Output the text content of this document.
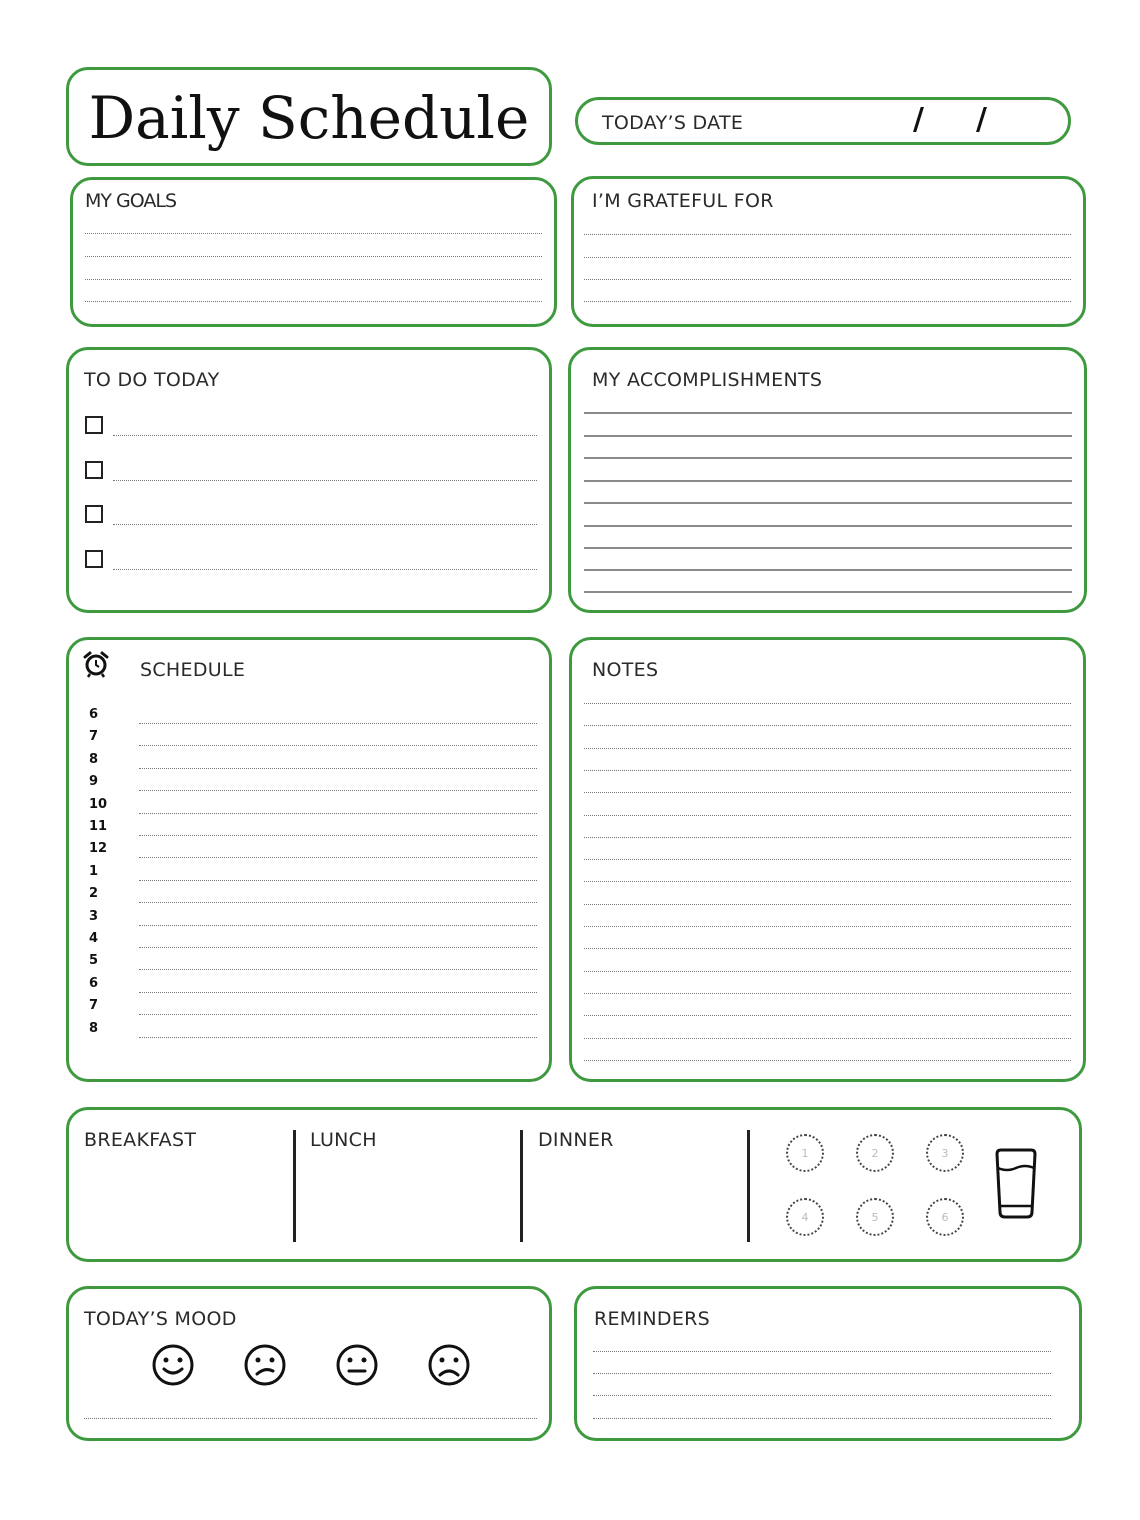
Daily Schedule	TODAY’S DATE	/ /
MY GOALS	I’M GRATEFUL FOR
TO DO TODAY	MY ACCOMPLISHMENTS
SCHEDULE
6
7
8
9
10
11
12
1
2
3
4
5
6
7
8
NOTES
BREAKFAST	LUNCH	DINNER
1	2	3
4	5	6
TODAY’S MOOD	REMINDERS
